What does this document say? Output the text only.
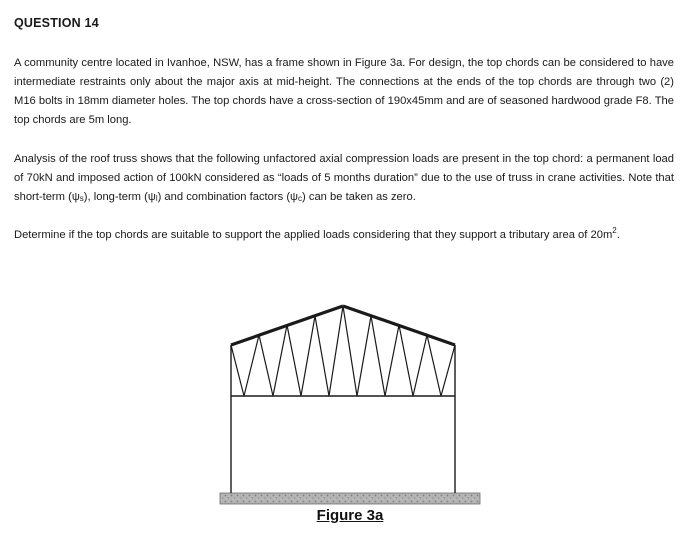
QUESTION 14

A community centre located in Ivanhoe, NSW, has a frame shown in Figure 3a. For design, the top chords can be considered to have intermediate restraints only about the major axis at mid-height. The connections at the ends of the top chords are through two (2) M16 bolts in 18mm diameter holes. The top chords have a cross-section of 190x45mm and are of seasoned hardwood grade F8. The top chords are 5m long.

Analysis of the roof truss shows that the following unfactored axial compression loads are present in the top chord: a permanent load of 70kN and imposed action of 100kN considered as “loads of 5 months duration” due to the use of truss in crane activities. Note that short-term $(\psi_s)$, long-term $(\psi_l)$ and combination factors $(\psi_c)$ can be taken as zero.

Determine if the top chords are suitable to support the applied loads considering that they support a tributary area of $20m^2$.

Figure 3a
